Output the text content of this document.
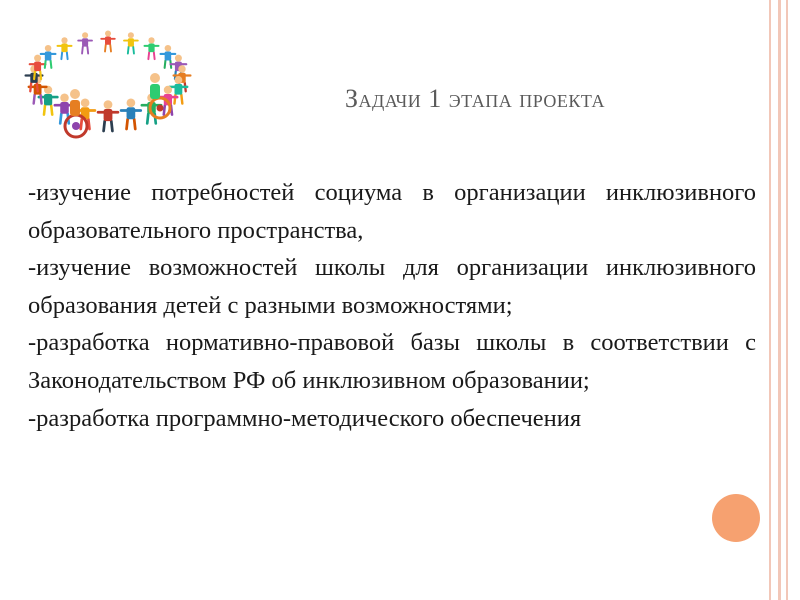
Задачи 1 этапа проекта

-изучение потребностей социума в организации инклюзивного образовательного пространства,

-изучение возможностей школы для организации инклюзивного образования детей с разными возможностями;

-разработка нормативно-правовой базы школы в соответствии с Законодательством РФ об инклюзивном образовании;

-разработка программно-методического обеспечения
